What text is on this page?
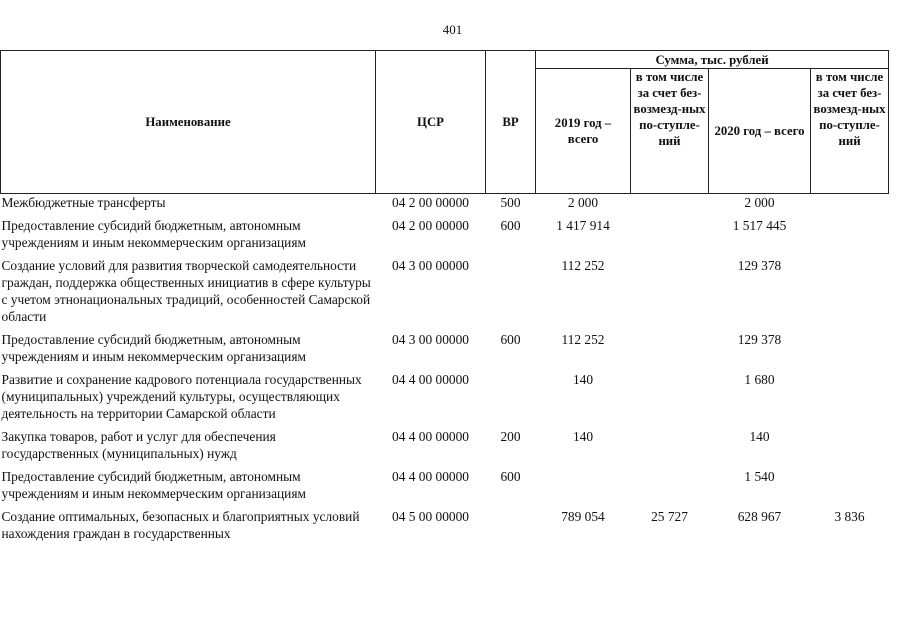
401
Наименование	ЦСР	ВР	Сумма, тыс. рублей			
			2019 год – всего	в том числе за счет без-возмезд-ных по-ступле-ний	2020 год – всего	в том числе за счет без-возмезд-ных по-ступле-ний
Межбюджетные трансферты	04 2 00 00000	500	2 000		2 000	
Предоставление субсидий бюджетным, автономным учреждениям и иным некоммерческим организациям	04 2 00 00000	600	1 417 914		1 517 445	
Создание условий для развития творческой самодеятельности граждан, поддержка общественных инициатив в сфере культуры с учетом этнонациональных традиций, особенностей Самарской области	04 3 00 00000		112 252		129 378	
Предоставление субсидий бюджетным, автономным учреждениям и иным некоммерческим организациям	04 3 00 00000	600	112 252		129 378	
Развитие и сохранение кадрового потенциала государственных (муниципальных) учреждений культуры, осуществляющих деятельность на территории Самарской области	04 4 00 00000		140		1 680	
Закупка товаров, работ и услуг для обеспечения государственных (муниципальных) нужд	04 4 00 00000	200	140		140	
Предоставление субсидий бюджетным, автономным учреждениям и иным некоммерческим организациям	04 4 00 00000	600			1 540	
Создание оптимальных, безопасных и благоприятных условий нахождения граждан в государственных	04 5 00 00000		789 054	25 727	628 967	3 836
